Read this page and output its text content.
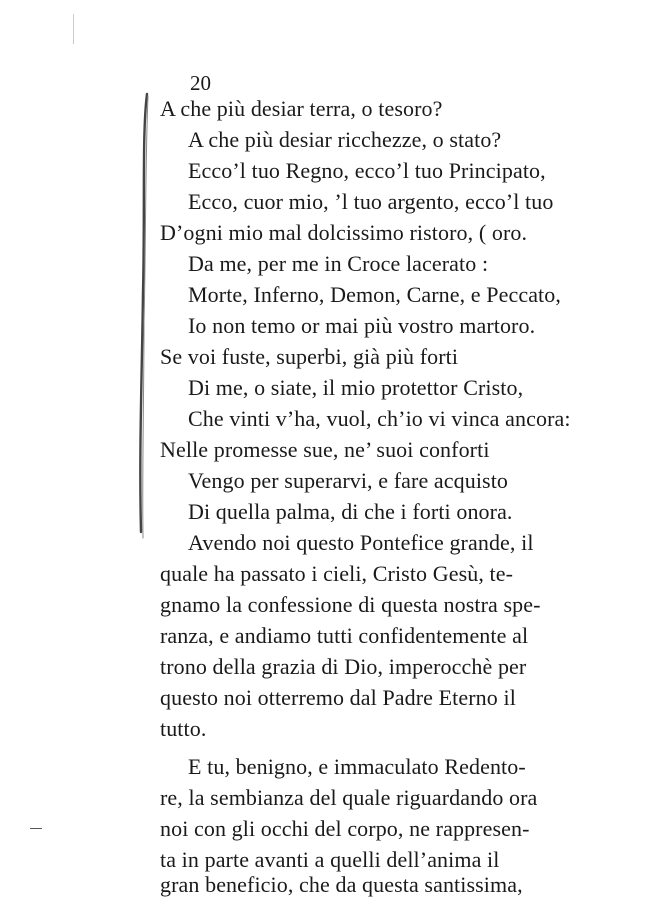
20
A che più desiar terra, o tesoro?
A che più desiar ricchezze, o stato?
Ecco’l tuo Regno, ecco’l tuo Principato,
Ecco, cuor mio, ’l tuo argento, ecco’l tuo
D’ogni mio mal dolcissimo ristoro, ( oro.
Da me, per me in Croce lacerato :
Morte, Inferno, Demon, Carne, e Peccato,
Io non temo or mai più vostro martoro.
Se voi fuste, superbi, già più forti
Di me, o siate, il mio protettor Cristo,
Che vinti v’ha, vuol, ch’io vi vinca ancora:
Nelle promesse sue, ne’ suoi conforti
Vengo per superarvi, e fare acquisto
Di quella palma, di che i forti onora.
Avendo noi questo Pontefice grande, il
quale ha passato i cieli, Cristo Gesù, te-
gnamo la confessione di questa nostra spe-
ranza, e andiamo tutti confidentemente al
trono della grazia di Dio, imperocchè per
questo noi otterremo dal Padre Eterno il
tutto.
E tu, benigno, e immaculato Redento-
re, la sembianza del quale riguardando ora
noi con gli occhi del corpo, ne rappresen-
ta in parte avanti a quelli dell’anima il
gran beneficio, che da questa santissima,
